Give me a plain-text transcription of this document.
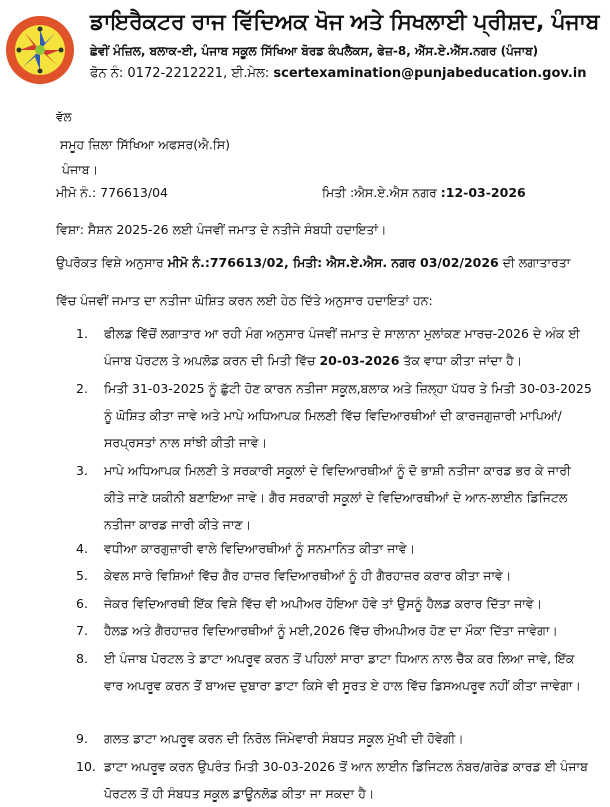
ਡਾਇਰੈਕਟਰ ਰਾਜ ਵਿੱਦਿਅਕ ਖੋਜ ਅਤੇ ਸਿਖਲਾਈ ਪ੍ਰੀਸ਼ਦ, ਪੰਜਾਬ
ਛੇਵੀਂ ਮੰਜ਼ਿਲ, ਬਲਾਕ-ਈ, ਪੰਜਾਬ ਸਕੂਲ ਸਿੱਖਿਆ ਬੋਰਡ ਕੰਪਲੈਕਸ, ਫੇਜ਼-8, ਐੱਸ.ਏ.ਐੱਸ.ਨਗਰ (ਪੰਜਾਬ)
ਫੋਨ ਨੰ: 0172-2212221, ਈ.ਮੇਲ: scertexamination@punjabeducation.gov.in
ਵੱਲ
ਸਮੂਹ ਜ਼ਿਲਾ ਸਿੱਖਿਆ ਅਫਸਰ(ਐ.ਸਿ)
ਪੰਜਾਬ।
ਮੀਮੋ ਨੰ.: 776613/04	ਮਿਤੀ :ਐਸ.ਏ.ਐਸ ਨਗਰ :12-03-2026
ਵਿਸ਼ਾ: ਸੈਸ਼ਨ 2025-26 ਲਈ ਪੰਜਵੀਂ ਜਮਾਤ ਦੇ ਨਤੀਜੇ ਸੰਬਧੀ ਹਦਾਇਤਾਂ।
ਉਪਰੋਕਤ ਵਿਸ਼ੇ ਅਨੁਸਾਰ ਮੀਮੋ ਨੰ.:776613/02, ਮਿਤੀ: ਐਸ.ਏ.ਐਸ. ਨਗਰ 03/02/2026 ਦੀ ਲਗਾਤਾਰਤਾ
ਵਿੱਚ ਪੰਜਵੀਂ ਜਮਾਤ ਦਾ ਨਤੀਜਾ ਘੋਸ਼ਿਤ ਕਰਨ ਲਈ ਹੇਠ ਦਿੱਤੇ ਅਨੁਸਾਰ ਹਦਾਇਤਾਂ ਹਨ:
1. ਫੀਲਡ ਵਿੱਚੋਂ ਲਗਾਤਾਰ ਆ ਰਹੀ ਮੰਗ ਅਨੁਸਾਰ ਪੰਜਵੀਂ ਜਮਾਤ ਦੇ ਸਾਲਾਨਾ ਮੁਲਾਂਕਣ ਮਾਰਚ-2026 ਦੇ ਅੰਕ ਈ ਪੰਜਾਬ ਪੋਰਟਲ ਤੇ ਅਪਲੋਡ ਕਰਨ ਦੀ ਮਿਤੀ ਵਿੱਚ 20-03-2026 ਤੱਕ ਵਾਧਾ ਕੀਤਾ ਜਾਂਦਾ ਹੈ।
2. ਮਿਤੀ 31-03-2025 ਨੂੰ ਛੁੱਟੀ ਹੋਣ ਕਾਰਨ ਨਤੀਜਾ ਸਕੂਲ,ਬਲਾਕ ਅਤੇ ਜ਼ਿਲ੍ਹਾ ਪੱਧਰ ਤੇ ਮਿਤੀ 30-03-2025 ਨੂੰ ਘੋਸ਼ਿਤ ਕੀਤਾ ਜਾਵੇ ਅਤੇ ਮਾਪੇ ਅਧਿਆਪਕ ਮਿਲਣੀ ਵਿੱਚ ਵਿਦਿਆਰਥੀਆਂ ਦੀ ਕਾਰਜਗੁਜ਼ਾਰੀ ਮਾਪਿਆਂ/ਸਰਪ੍ਰਸਤਾਂ ਨਾਲ ਸਾਂਝੀ ਕੀਤੀ ਜਾਵੇ।
3. ਮਾਪੇ ਅਧਿਆਪਕ ਮਿਲਣੀ ਤੇ ਸਰਕਾਰੀ ਸਕੂਲਾਂ ਦੇ ਵਿਦਿਆਰਥੀਆਂ ਨੂੰ ਦੋ ਭਾਸ਼ੀ ਨਤੀਜਾ ਕਾਰਡ ਭਰ ਕੇ ਜਾਰੀ ਕੀਤੇ ਜਾਣੇ ਯਕੀਨੀ ਬਣਾਇਆ ਜਾਵੇ। ਗੈਰ ਸਰਕਾਰੀ ਸਕੂਲਾਂ ਦੇ ਵਿਦਿਆਰਥੀਆਂ ਦੇ ਆਨ-ਲਾਈਨ ਡਿਜਿਟਲ ਨਤੀਜਾ ਕਾਰਡ ਜਾਰੀ ਕੀਤੇ ਜਾਣ।
4. ਵਧੀਆ ਕਾਰਗੁਜ਼ਾਰੀ ਵਾਲੇ ਵਿਦਿਆਰਥੀਆਂ ਨੂੰ ਸਨਮਾਨਿਤ ਕੀਤਾ ਜਾਵੇ।
5. ਕੇਵਲ ਸਾਰੇ ਵਿਸ਼ਿਆਂ ਵਿੱਚ ਗੈਰ ਹਾਜ਼ਰ ਵਿਦਿਆਰਥੀਆਂ ਨੂੰ ਹੀ ਗੈਰਹਾਜ਼ਰ ਕਰਾਰ ਕੀਤਾ ਜਾਵੇ।
6. ਜੇਕਰ ਵਿਦਿਆਰਥੀ ਇੱਕ ਵਿਸ਼ੇ ਵਿੱਚ ਵੀ ਅਪੀਅਰ ਹੋਇਆ ਹੋਵੇ ਤਾਂ ਉਸਨੂੰ ਹੈਲਡ ਕਰਾਰ ਦਿੱਤਾ ਜਾਵੇ।
7. ਹੈਲਡ ਅਤੇ ਗੈਰਹਾਜ਼ਰ ਵਿਦਿਆਰਥੀਆਂ ਨੂੰ ਮਈ,2026 ਵਿੱਚ ਰੀਅਪੀਅਰ ਹੋਣ ਦਾ ਮੌਕਾ ਦਿੱਤਾ ਜਾਵੇਗਾ।
8. ਈ ਪੰਜਾਬ ਪੋਰਟਲ ਤੇ ਡਾਟਾ ਅਪਰੂਵ ਕਰਨ ਤੋਂ ਪਹਿਲਾਂ ਸਾਰਾ ਡਾਟਾ ਧਿਆਨ ਨਾਲ ਚੈੱਕ ਕਰ ਲਿਆ ਜਾਵੇ, ਇੱਕ ਵਾਰ ਅਪਰੂਵ ਕਰਨ ਤੋਂ ਬਾਅਦ ਦੁਬਾਰਾ ਡਾਟਾ ਕਿਸੇ ਵੀ ਸੂਰਤ ਏ ਹਾਲ ਵਿੱਚ ਡਿਸਅਪਰੂਵ ਨਹੀਂ ਕੀਤਾ ਜਾਵੇਗਾ।
9. ਗਲਤ ਡਾਟਾ ਅਪਰੂਵ ਕਰਨ ਦੀ ਨਿਰੋਲ ਜਿੰਮੇਵਾਰੀ ਸੰਬਧਤ ਸਕੂਲ ਮੁੱਖੀ ਦੀ ਹੋਵੇਗੀ।
10. ਡਾਟਾ ਅਪਰੂਵ ਕਰਨ ਉਪਰੰਤ ਮਿਤੀ 30-03-2026 ਤੋਂ ਆਨ ਲਾਈਨ ਡਿਜਿਟਲ ਨੰਬਰ/ਗਰੇਡ ਕਾਰਡ ਈ ਪੰਜਾਬ ਪੋਰਟਲ ਤੋਂ ਹੀ ਸੰਬਧਤ ਸਕੂਲ ਡਾਊਨਲੋਡ ਕੀਤਾ ਜਾ ਸਕਦਾ ਹੈ।
